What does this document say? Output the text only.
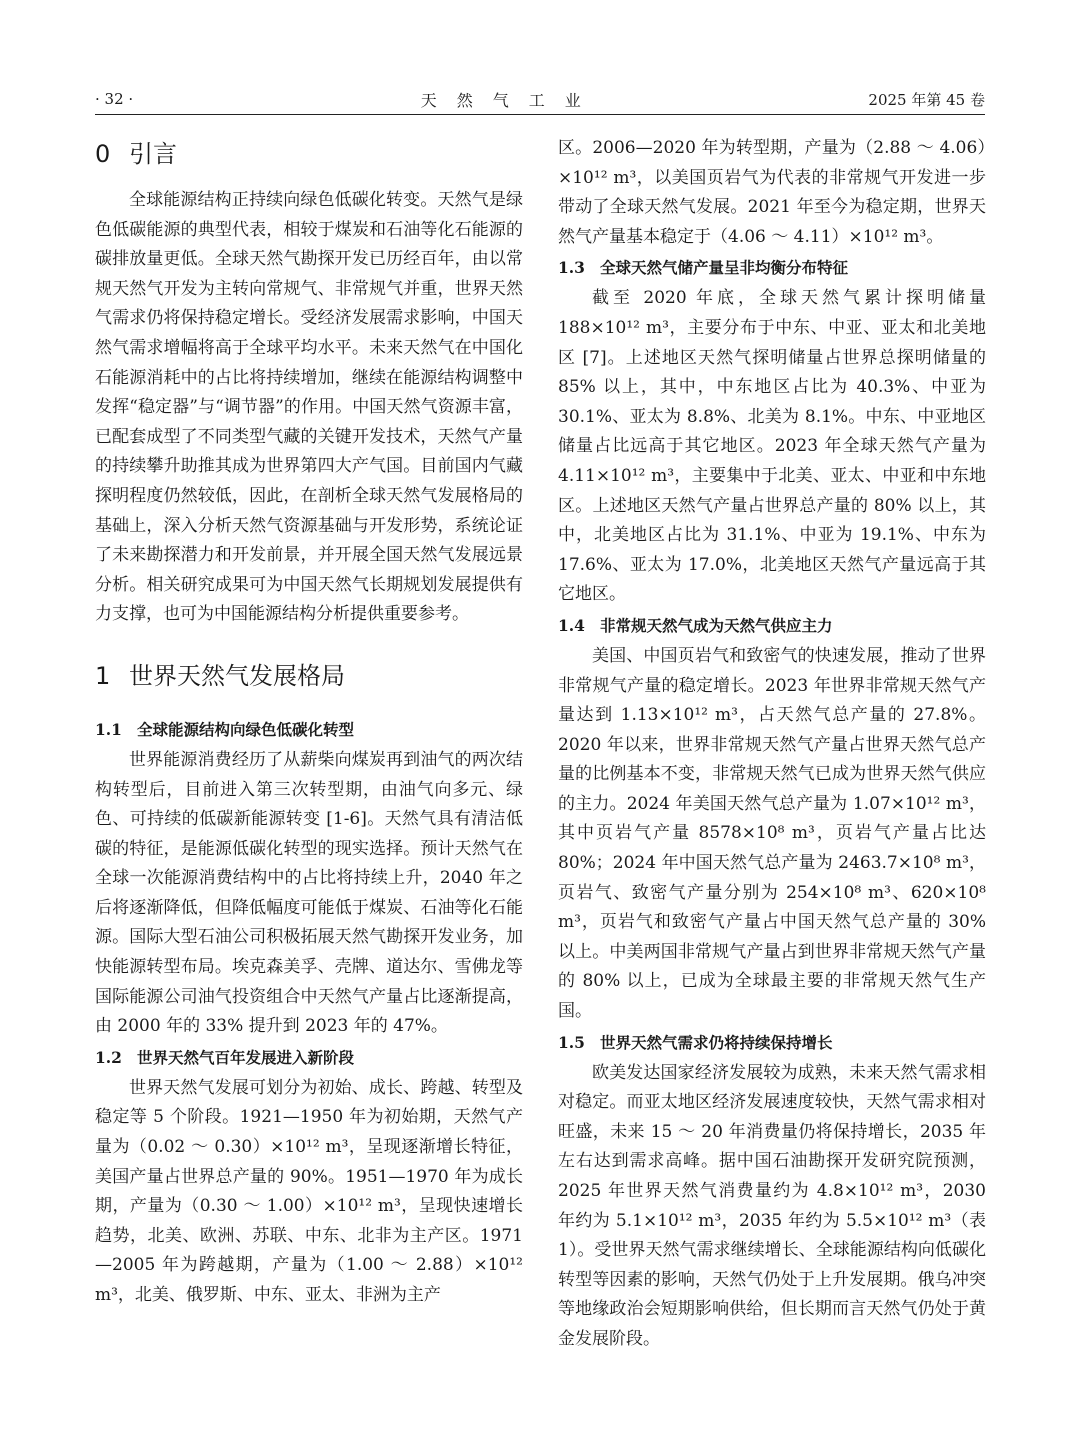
· 32 ·	天然气工业	2025 年第 45 卷
0 引言

全球能源结构正持续向绿色低碳化转变。天然气是绿色低碳能源的典型代表，相较于煤炭和石油等化石能源的碳排放量更低。全球天然气勘探开发已历经百年，由以常规天然气开发为主转向常规气、非常规气并重，世界天然气需求仍将保持稳定增长。受经济发展需求影响，中国天然气需求增幅将高于全球平均水平。未来天然气在中国化石能源消耗中的占比将持续增加，继续在能源结构调整中发挥“稳定器”与“调节器”的作用。中国天然气资源丰富，已配套成型了不同类型气藏的关键开发技术，天然气产量的持续攀升助推其成为世界第四大产气国。目前国内气藏探明程度仍然较低，因此，在剖析全球天然气发展格局的基础上，深入分析天然气资源基础与开发形势，系统论证了未来勘探潜力和开发前景，并开展全国天然气发展远景分析。相关研究成果可为中国天然气长期规划发展提供有力支撑，也可为中国能源结构分析提供重要参考。

1 世界天然气发展格局
1.1 全球能源结构向绿色低碳化转型

世界能源消费经历了从薪柴向煤炭再到油气的两次结构转型后，目前进入第三次转型期，由油气向多元、绿色、可持续的低碳新能源转变 [1-6]。天然气具有清洁低碳的特征，是能源低碳化转型的现实选择。预计天然气在全球一次能源消费结构中的占比将持续上升，2040 年之后将逐渐降低，但降低幅度可能低于煤炭、石油等化石能源。国际大型石油公司积极拓展天然气勘探开发业务，加快能源转型布局。埃克森美孚、壳牌、道达尔、雪佛龙等国际能源公司油气投资组合中天然气产量占比逐渐提高，由 2000 年的 33% 提升到 2023 年的 47%。

1.2 世界天然气百年发展进入新阶段

世界天然气发展可划分为初始、成长、跨越、转型及稳定等 5 个阶段。1921—1950 年为初始期，天然气产量为（0.02 ～ 0.30）×10¹² m³，呈现逐渐增长特征，美国产量占世界总产量的 90%。1951—1970 年为成长期，产量为（0.30 ～ 1.00）×10¹² m³，呈现快速增长趋势，北美、欧洲、苏联、中东、北非为主产区。1971—2005 年为跨越期，产量为（1.00 ～ 2.88）×10¹² m³，北美、俄罗斯、中东、亚太、非洲为主产

区。2006—2020 年为转型期，产量为（2.88 ～ 4.06）×10¹² m³，以美国页岩气为代表的非常规气开发进一步带动了全球天然气发展。2021 年至今为稳定期，世界天然气产量基本稳定于（4.06 ～ 4.11）×10¹² m³。

1.3 全球天然气储产量呈非均衡分布特征

截至 2020 年底，全球天然气累计探明储量 188×10¹² m³，主要分布于中东、中亚、亚太和北美地区 [7]。上述地区天然气探明储量占世界总探明储量的 85% 以上，其中，中东地区占比为 40.3%、中亚为 30.1%、亚太为 8.8%、北美为 8.1%。中东、中亚地区储量占比远高于其它地区。2023 年全球天然气产量为 4.11×10¹² m³，主要集中于北美、亚太、中亚和中东地区。上述地区天然气产量占世界总产量的 80% 以上，其中，北美地区占比为 31.1%、中亚为 19.1%、中东为 17.6%、亚太为 17.0%，北美地区天然气产量远高于其它地区。

1.4 非常规天然气成为天然气供应主力

美国、中国页岩气和致密气的快速发展，推动了世界非常规气产量的稳定增长。2023 年世界非常规天然气产量达到 1.13×10¹² m³，占天然气总产量的 27.8%。2020 年以来，世界非常规天然气产量占世界天然气总产量的比例基本不变，非常规天然气已成为世界天然气供应的主力。2024 年美国天然气总产量为 1.07×10¹² m³，其中页岩气产量 8578×10⁸ m³，页岩气产量占比达 80%；2024 年中国天然气总产量为 2463.7×10⁸ m³，页岩气、致密气产量分别为 254×10⁸ m³、620×10⁸ m³，页岩气和致密气产量占中国天然气总产量的 30% 以上。中美两国非常规气产量占到世界非常规天然气产量的 80% 以上，已成为全球最主要的非常规天然气生产国。

1.5 世界天然气需求仍将持续保持增长

欧美发达国家经济发展较为成熟，未来天然气需求相对稳定。而亚太地区经济发展速度较快，天然气需求相对旺盛，未来 15 ～ 20 年消费量仍将保持增长，2035 年左右达到需求高峰。据中国石油勘探开发研究院预测，2025 年世界天然气消费量约为 4.8×10¹² m³，2030 年约为 5.1×10¹² m³，2035 年约为 5.5×10¹² m³（表 1）。受世界天然气需求继续增长、全球能源结构向低碳化转型等因素的影响，天然气仍处于上升发展期。俄乌冲突等地缘政治会短期影响供给，但长期而言天然气仍处于黄金发展阶段。
